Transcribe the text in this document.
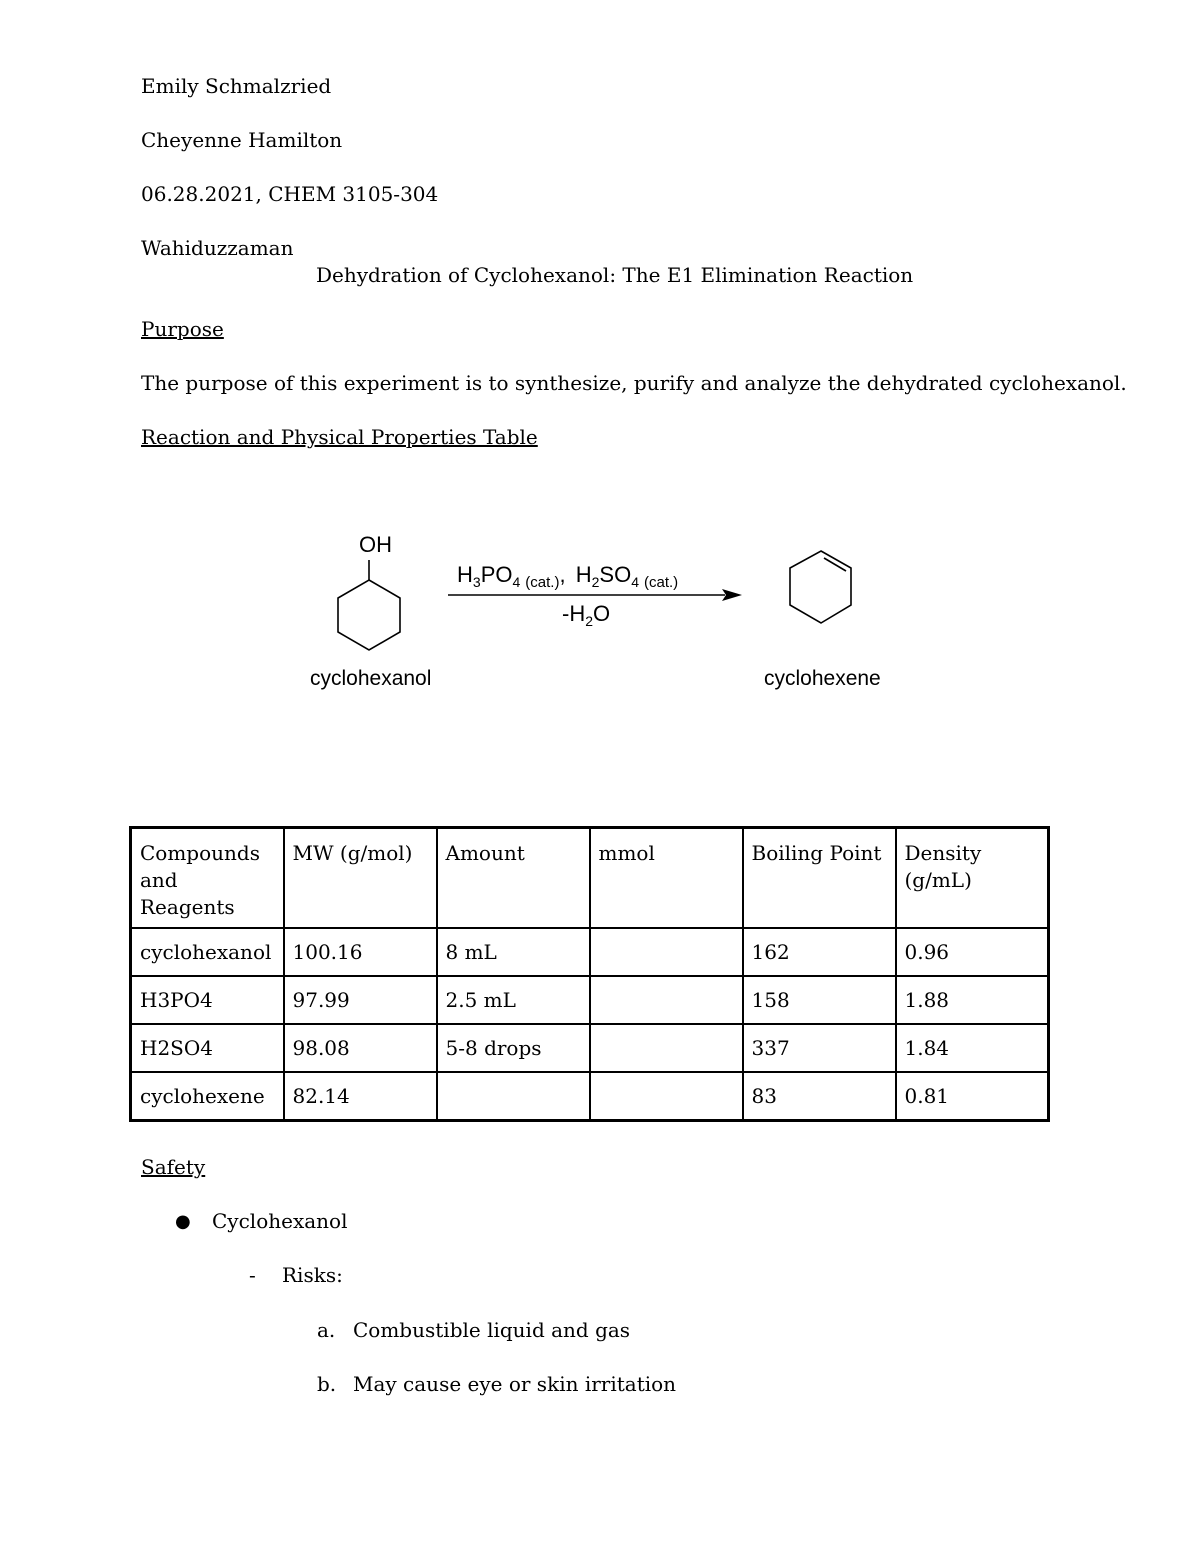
Emily Schmalzried
Cheyenne Hamilton
06.28.2021, CHEM 3105-304
Wahiduzzaman
Dehydration of Cyclohexanol: The E1 Elimination Reaction
Purpose
The purpose of this experiment is to synthesize, purify and analyze the dehydrated cyclohexanol.
Reaction and Physical Properties Table
OH
cyclohexanol
$H_3PO_4$ (cat.), $H_2SO_4$ (cat.)
$-H_2O$
cyclohexene
Compounds and Reagents	MW (g/mol)	Amount	mmol	Boiling Point	Density (g/mL)
cyclohexanol	100.16	8 mL		162	0.96
H3PO4	97.99	2.5 mL		158	1.88
H2SO4	98.08	5-8 drops		337	1.84
cyclohexene	82.14			83	0.81
Safety
● Cyclohexanol
- Risks:
a. Combustible liquid and gas
b. May cause eye or skin irritation
